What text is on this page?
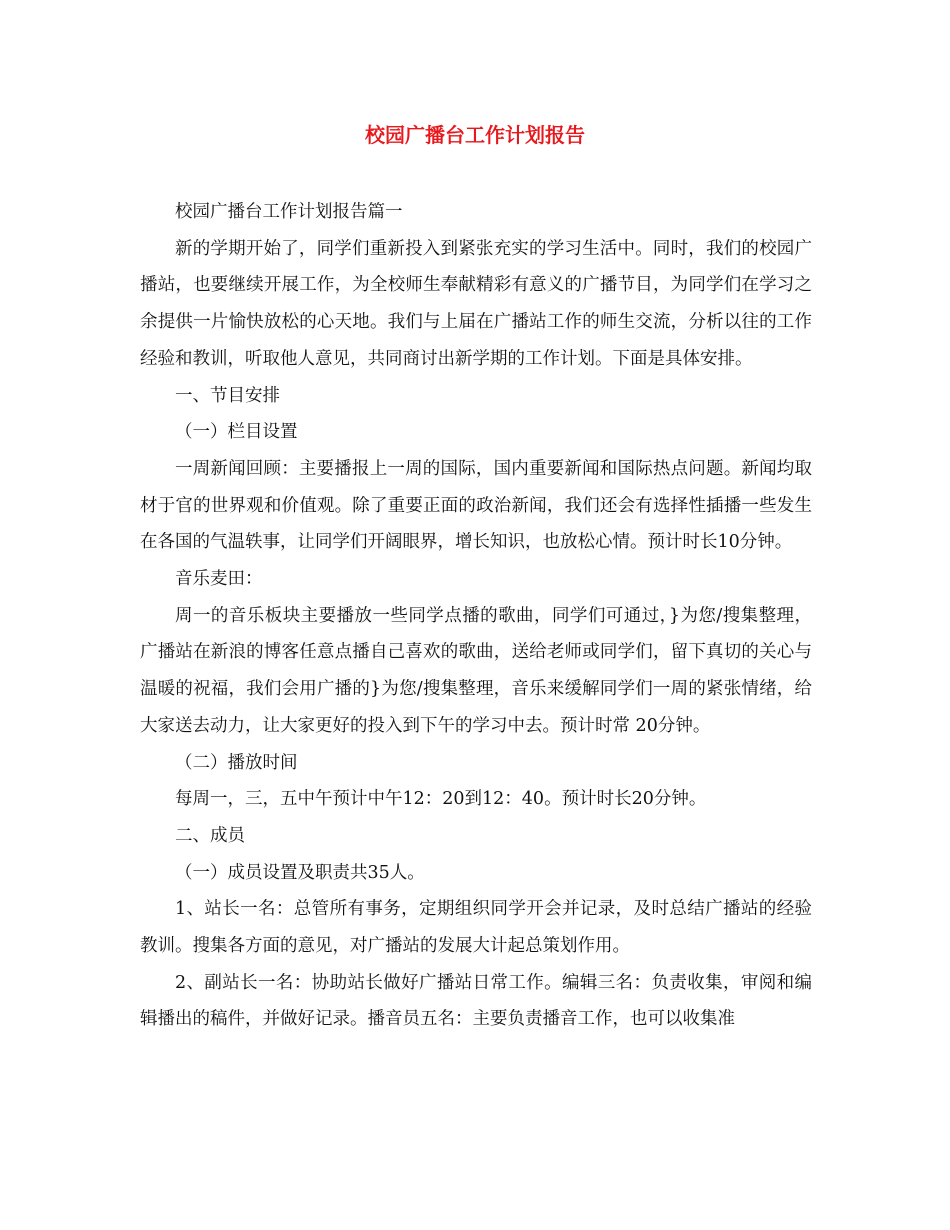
校园广播台工作计划报告

校园广播台工作计划报告篇一

新的学期开始了，同学们重新投入到紧张充实的学习生活中。同时，我们的校园广播站，也要继续开展工作，为全校师生奉献精彩有意义的广播节目，为同学们在学习之余提供一片愉快放松的心天地。我们与上届在广播站工作的师生交流，分析以往的工作经验和教训，听取他人意见，共同商讨出新学期的工作计划。下面是具体安排。

一、节目安排

（一）栏目设置

一周新闻回顾：主要播报上一周的国际，国内重要新闻和国际热点问题。新闻均取材于官的世界观和价值观。除了重要正面的政治新闻，我们还会有选择性插播一些发生在各国的气温轶事，让同学们开阔眼界，增长知识，也放松心情。预计时长10分钟。

音乐麦田：

周一的音乐板块主要播放一些同学点播的歌曲，同学们可通过，}为您/搜集整理，广播站在新浪的博客任意点播自己喜欢的歌曲，送给老师或同学们，留下真切的关心与温暖的祝福，我们会用广播的}为您/搜集整理，音乐来缓解同学们一周的紧张情绪，给大家送去动力，让大家更好的投入到下午的学习中去。预计时常 20分钟。

（二）播放时间

每周一，三，五中午预计中午12：20到12：40。预计时长20分钟。

二、成员

（一）成员设置及职责共35人。

1、站长一名：总管所有事务，定期组织同学开会并记录，及时总结广播站的经验教训。搜集各方面的意见，对广播站的发展大计起总策划作用。

2、副站长一名：协助站长做好广播站日常工作。编辑三名：负责收集，审阅和编辑播出的稿件，并做好记录。播音员五名：主要负责播音工作，也可以收集准
